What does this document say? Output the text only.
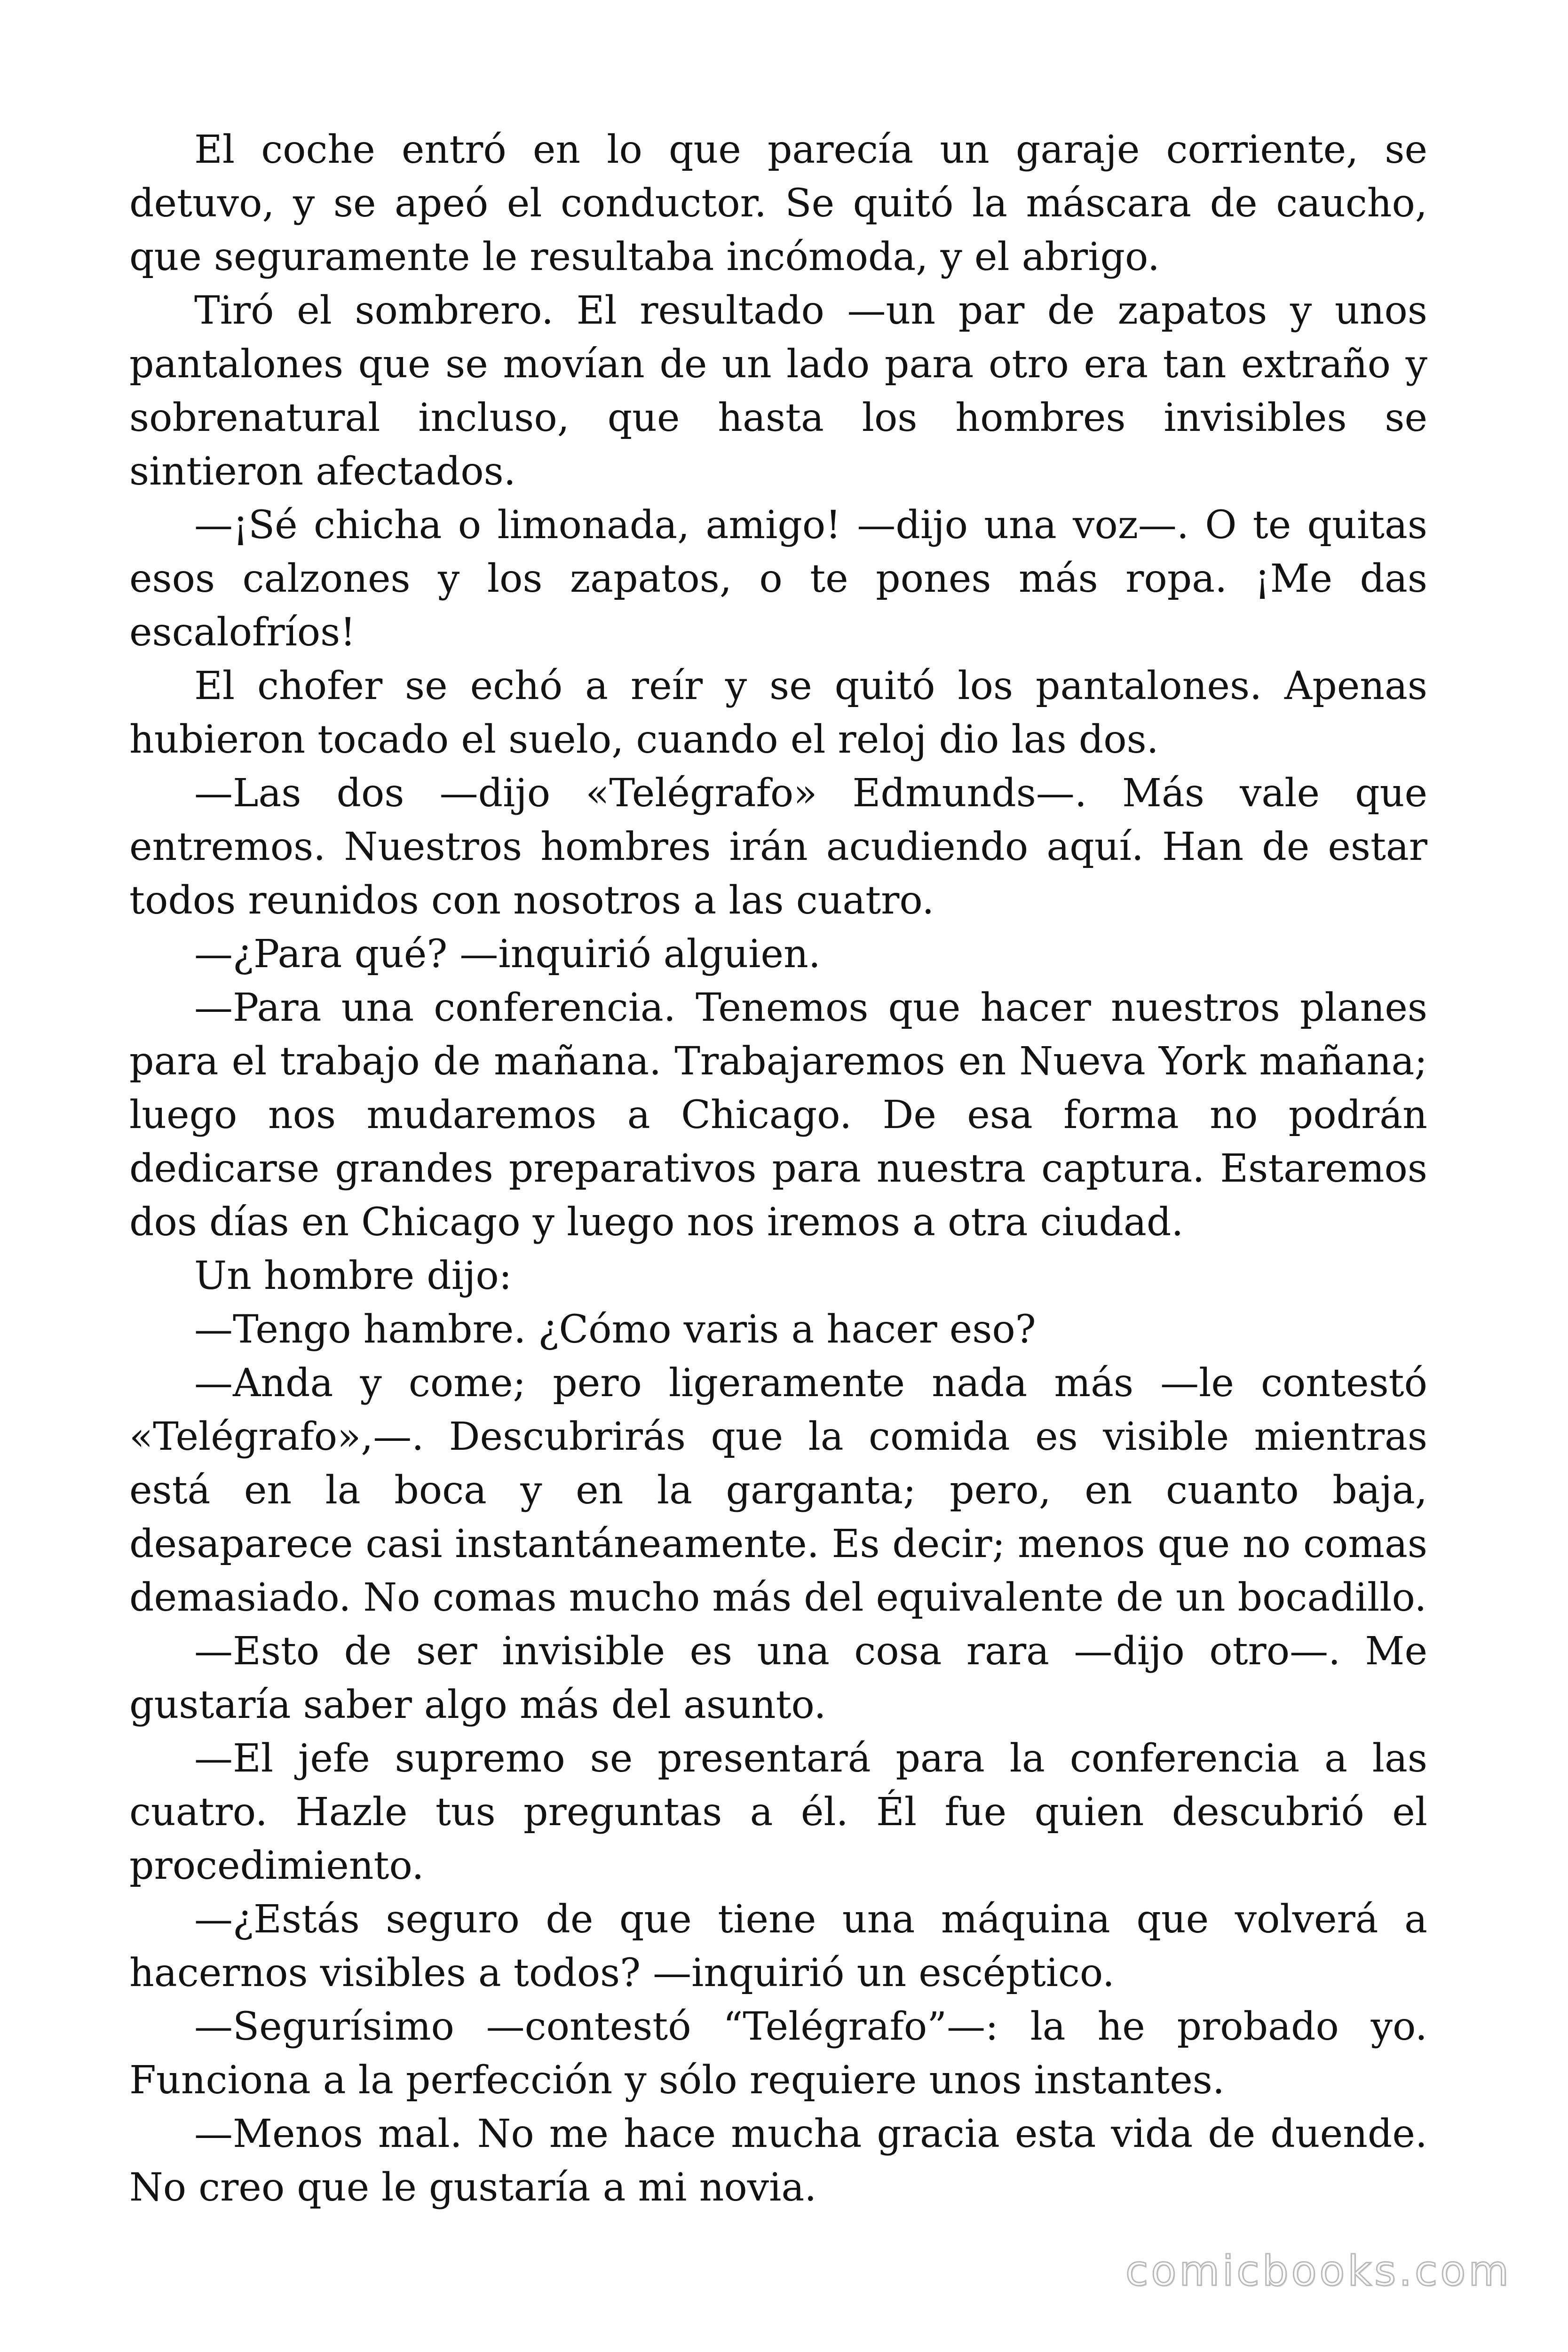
El coche entró en lo que parecía un garaje corriente, se detuvo, y se apeó el conductor. Se quitó la máscara de caucho, que seguramente le resultaba incómoda, y el abrigo.

Tiró el sombrero. El resultado —un par de zapatos y unos pantalones que se movían de un lado para otro era tan extraño y sobrenatural incluso, que hasta los hombres invisibles se sintieron afectados.

—¡Sé chicha o limonada, amigo! —dijo una voz—. O te quitas esos calzones y los zapatos, o te pones más ropa. ¡Me das escalofríos!

El chofer se echó a reír y se quitó los pantalones. Apenas hubieron tocado el suelo, cuando el reloj dio las dos.

—Las dos —dijo «Telégrafo» Edmunds—. Más vale que entremos. Nuestros hombres irán acudiendo aquí. Han de estar todos reunidos con nosotros a las cuatro.

—¿Para qué? —inquirió alguien.

—Para una conferencia. Tenemos que hacer nuestros planes para el trabajo de mañana. Trabajaremos en Nueva York mañana; luego nos mudaremos a Chicago. De esa forma no podrán dedicarse grandes preparativos para nuestra captura. Estaremos dos días en Chicago y luego nos iremos a otra ciudad.

Un hombre dijo:

—Tengo hambre. ¿Cómo varis a hacer eso?

—Anda y come; pero ligeramente nada más —le contestó «Telégrafo»,—. Descubrirás que la comida es visible mientras está en la boca y en la garganta; pero, en cuanto baja, desaparece casi instantáneamente. Es decir; menos que no comas demasiado. No comas mucho más del equivalente de un bocadillo.

—Esto de ser invisible es una cosa rara —dijo otro—. Me gustaría saber algo más del asunto.

—El jefe supremo se presentará para la conferencia a las cuatro. Hazle tus preguntas a él. Él fue quien descubrió el procedimiento.

—¿Estás seguro de que tiene una máquina que volverá a hacernos visibles a todos? —inquirió un escéptico.

—Segurísimo —contestó “Telégrafo”—: la he probado yo. Funciona a la perfección y sólo requiere unos instantes.

—Menos mal. No me hace mucha gracia esta vida de duende. No creo que le gustaría a mi novia.

comicbooks.com
